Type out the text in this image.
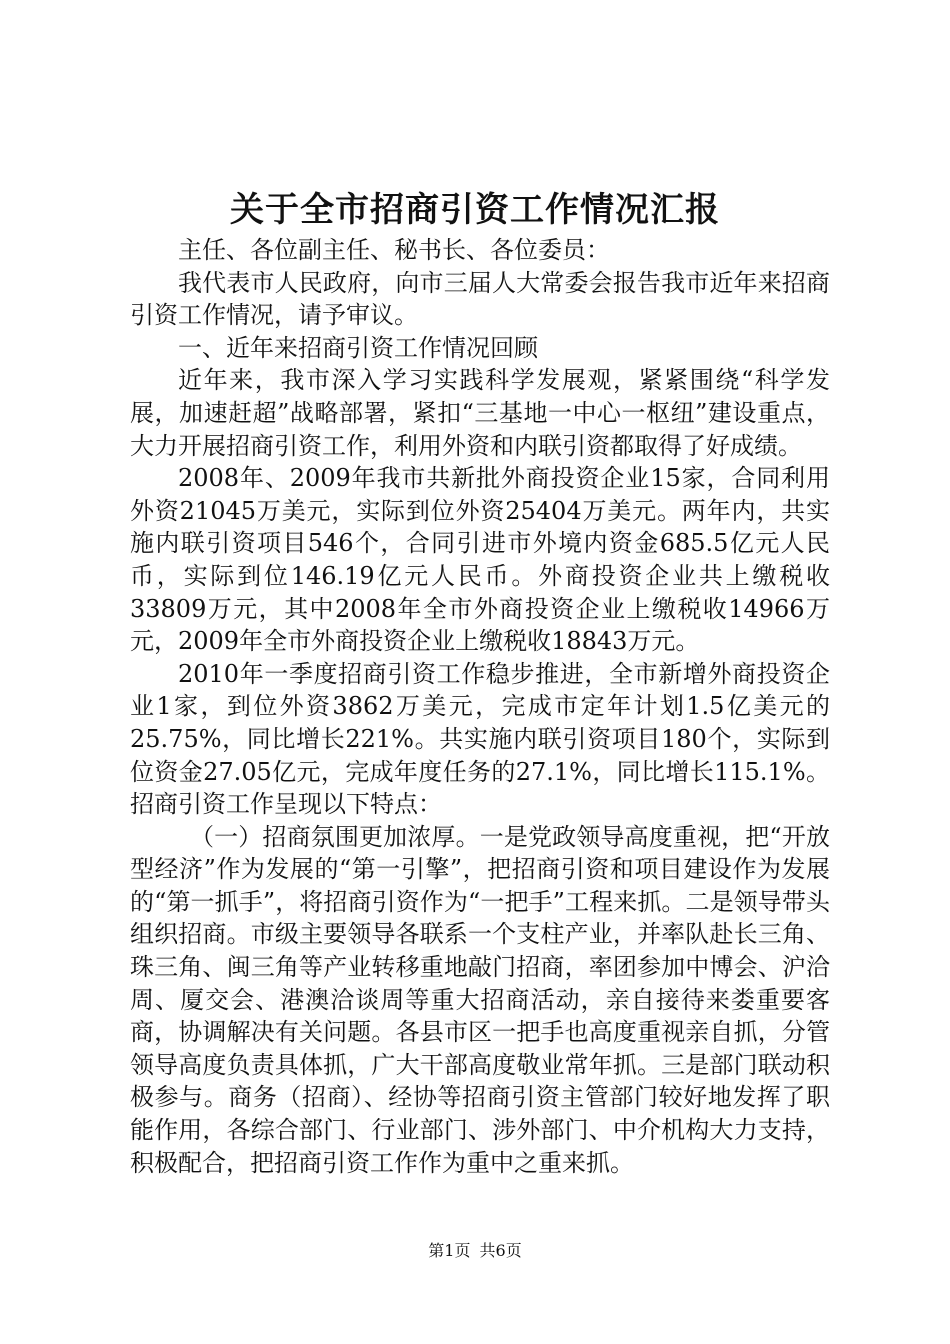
关于全市招商引资工作情况汇报

主任、各位副主任、秘书长、各位委员：

我代表市人民政府，向市三届人大常委会报告我市近年来招商引资工作情况，请予审议。

一、近年来招商引资工作情况回顾

近年来，我市深入学习实践科学发展观，紧紧围绕“科学发展，加速赶超”战略部署，紧扣“三基地一中心一枢纽”建设重点，大力开展招商引资工作，利用外资和内联引资都取得了好成绩。

2008年、2009年我市共新批外商投资企业15家，合同利用外资21045万美元，实际到位外资25404万美元。两年内，共实施内联引资项目546个，合同引进市外境内资金685.5亿元人民币，实际到位146.19亿元人民币。外商投资企业共上缴税收33809万元，其中2008年全市外商投资企业上缴税收14966万元，2009年全市外商投资企业上缴税收18843万元。

2010年一季度招商引资工作稳步推进，全市新增外商投资企业1家，到位外资3862万美元，完成市定年计划1.5亿美元的25.75%，同比增长221%。共实施内联引资项目180个，实际到位资金27.05亿元，完成年度任务的27.1%，同比增长115.1%。招商引资工作呈现以下特点：

（一）招商氛围更加浓厚。一是党政领导高度重视，把“开放型经济”作为发展的“第一引擎”，把招商引资和项目建设作为发展的“第一抓手”，将招商引资作为“一把手”工程来抓。二是领导带头组织招商。市级主要领导各联系一个支柱产业，并率队赴长三角、珠三角、闽三角等产业转移重地敲门招商，率团参加中博会、沪洽周、厦交会、港澳洽谈周等重大招商活动，亲自接待来娄重要客商，协调解决有关问题。各县市区一把手也高度重视亲自抓，分管领导高度负责具体抓，广大干部高度敬业常年抓。三是部门联动积极参与。商务（招商）、经协等招商引资主管部门较好地发挥了职能作用，各综合部门、行业部门、涉外部门、中介机构大力支持，积极配合，把招商引资工作作为重中之重来抓。

第1页 共6页
